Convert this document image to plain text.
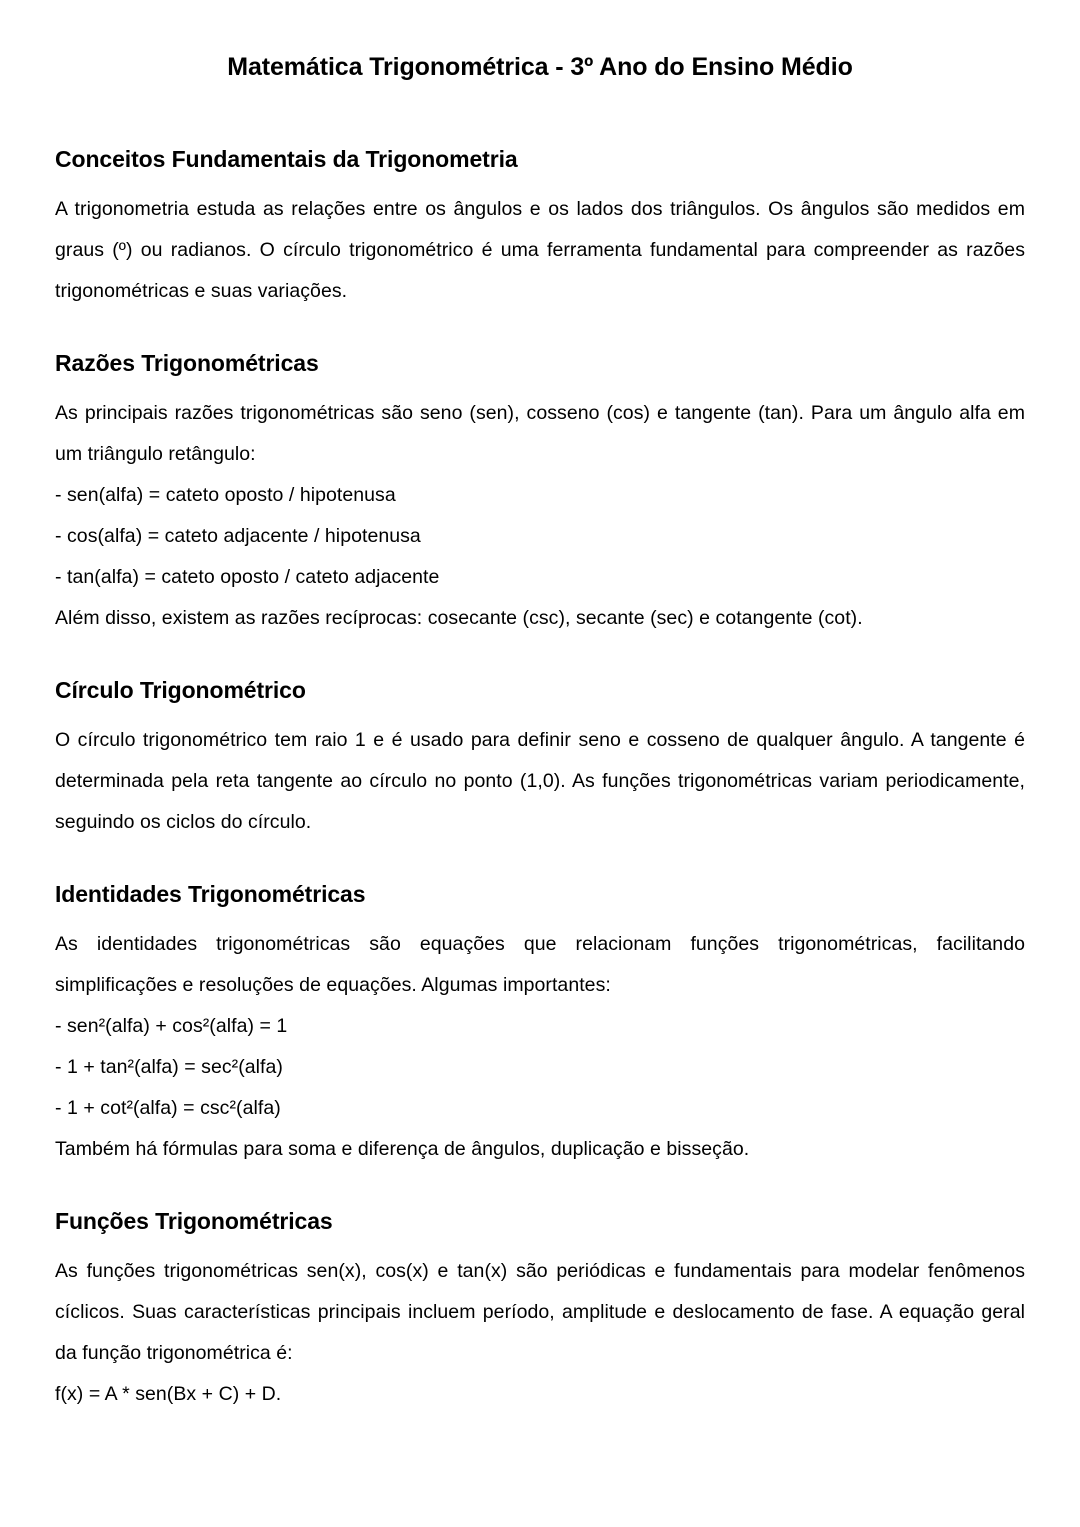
Matemática Trigonométrica - 3º Ano do Ensino Médio
Conceitos Fundamentais da Trigonometria

A trigonometria estuda as relações entre os ângulos e os lados dos triângulos. Os ângulos são medidos em graus (º) ou radianos. O círculo trigonométrico é uma ferramenta fundamental para compreender as razões trigonométricas e suas variações.

Razões Trigonométricas

As principais razões trigonométricas são seno (sen), cosseno (cos) e tangente (tan). Para um ângulo alfa em um triângulo retângulo:

- sen(alfa) = cateto oposto / hipotenusa
- cos(alfa) = cateto adjacente / hipotenusa
- tan(alfa) = cateto oposto / cateto adjacente

Além disso, existem as razões recíprocas: cosecante (csc), secante (sec) e cotangente (cot).

Círculo Trigonométrico

O círculo trigonométrico tem raio 1 e é usado para definir seno e cosseno de qualquer ângulo. A tangente é determinada pela reta tangente ao círculo no ponto (1,0). As funções trigonométricas variam periodicamente, seguindo os ciclos do círculo.

Identidades Trigonométricas

As identidades trigonométricas são equações que relacionam funções trigonométricas, facilitando simplificações e resoluções de equações. Algumas importantes:

- sen²(alfa) + cos²(alfa) = 1
- 1 + tan²(alfa) = sec²(alfa)
- 1 + cot²(alfa) = csc²(alfa)

Também há fórmulas para soma e diferença de ângulos, duplicação e bisseção.

Funções Trigonométricas

As funções trigonométricas sen(x), cos(x) e tan(x) são periódicas e fundamentais para modelar fenômenos cíclicos. Suas características principais incluem período, amplitude e deslocamento de fase. A equação geral da função trigonométrica é:

f(x) = A * sen(Bx + C) + D.
